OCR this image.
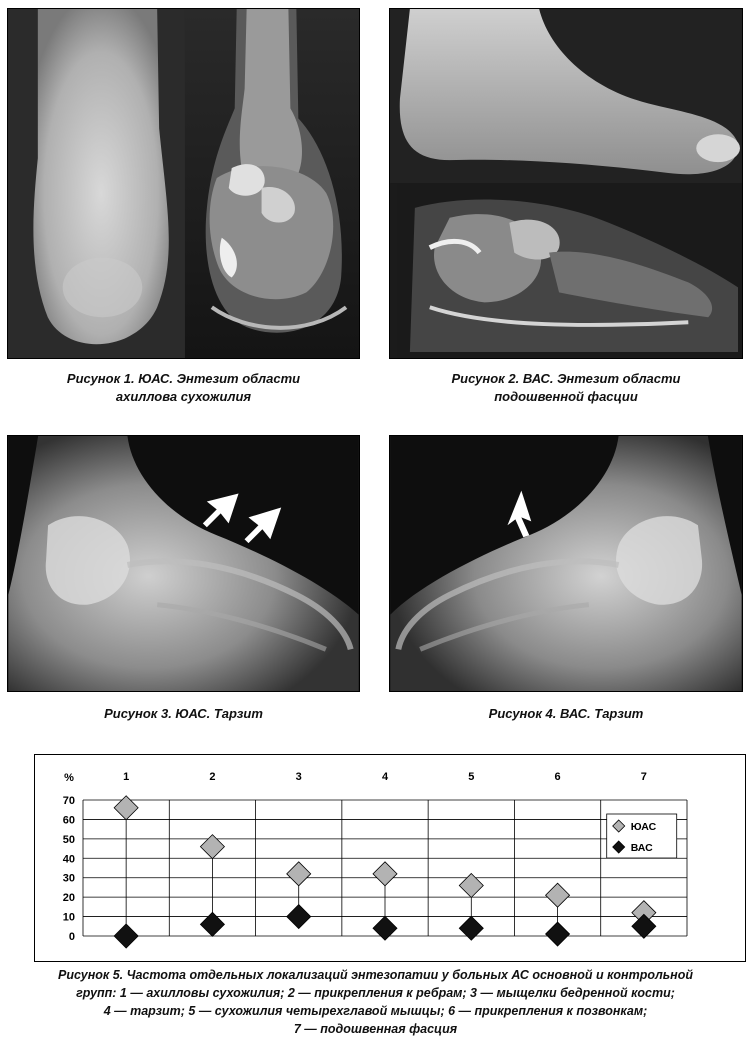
Рисунок 1. ЮАС. Энтезит области
ахиллова сухожилия
Рисунок 2. ВАС. Энтезит области
подошвенной фасции
Рисунок 3. ЮАС. Тарзит	Рисунок 4. ВАС. Тарзит
0
10
20
30
40
50
60
70
%	1	2	3	4	5	6	7
ЮАС
ВАС
Рисунок 5. Частота отдельных локализаций энтезопатии у больных АС основной и контрольной
групп: 1 — ахилловы сухожилия; 2 — прикрепления к ребрам; 3 — мыщелки бедренной кости;
4 — тарзит; 5 — сухожилия четырехглавой мышцы; 6 — прикрепления к позвонкам;
7 — подошвенная фасция
